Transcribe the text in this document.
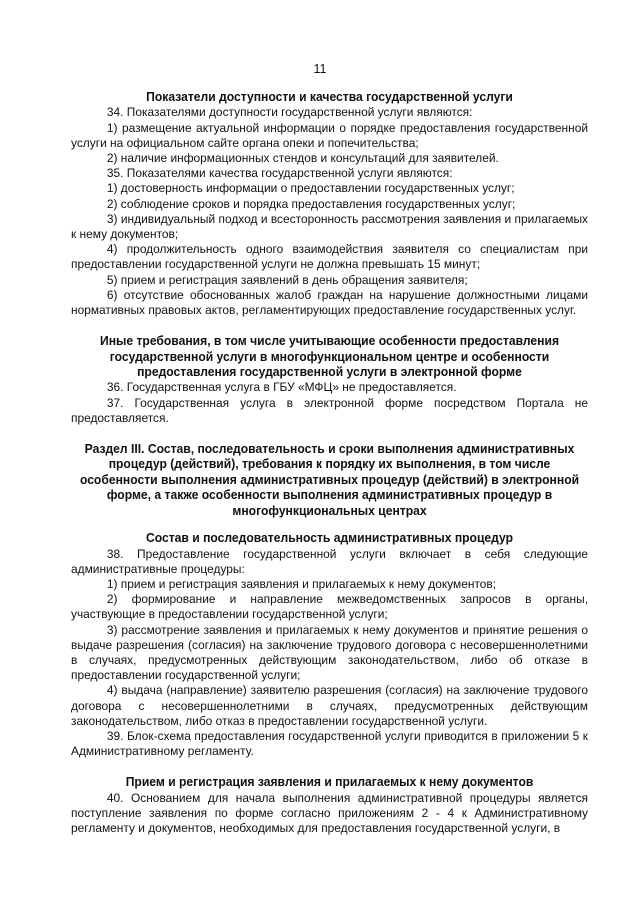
11
Показатели доступности и качества государственной услуги

34. Показателями доступности государственной услуги являются:

1) размещение актуальной информации о порядке предоставления государственной услуги на официальном сайте органа опеки и попечительства;

2) наличие информационных стендов и консультаций для заявителей.

35. Показателями качества государственной услуги являются:

1) достоверность информации о предоставлении государственных услуг;

2) соблюдение сроков и порядка предоставления государственных услуг;

3) индивидуальный подход и всесторонность рассмотрения заявления и прилагаемых к нему документов;

4) продолжительность одного взаимодействия заявителя со специалистам при предоставлении государственной услуги не должна превышать 15 минут;

5) прием и регистрация заявлений в день обращения заявителя;

6) отсутствие обоснованных жалоб граждан на нарушение должностными лицами нормативных правовых актов, регламентирующих предоставление государственных услуг.

Иные требования, в том числе учитывающие особенности предоставления государственной услуги в многофункциональном центре и особенности предоставления государственной услуги в электронной форме

36. Государственная услуга в ГБУ «МФЦ» не предоставляется.

37. Государственная услуга в электронной форме посредством Портала не предоставляется.

Раздел III. Состав, последовательность и сроки выполнения административных процедур (действий), требования к порядку их выполнения, в том числе особенности выполнения административных процедур (действий) в электронной форме, а также особенности выполнения административных процедур в многофункциональных центрах
Состав и последовательность административных процедур

38. Предоставление государственной услуги включает в себя следующие административные процедуры:

1) прием и регистрация заявления и прилагаемых к нему документов;

2) формирование и направление межведомственных запросов в органы, участвующие в предоставлении государственной услуги;

3) рассмотрение заявления и прилагаемых к нему документов и принятие решения о выдаче разрешения (согласия) на заключение трудового договора с несовершеннолетними в случаях, предусмотренных действующим законодательством, либо об отказе в предоставлении государственной услуги;

4) выдача (направление) заявителю разрешения (согласия) на заключение трудового договора с несовершеннолетними в случаях, предусмотренных действующим законодательством, либо отказ в предоставлении государственной услуги.

39. Блок-схема предоставления государственной услуги приводится в приложении 5 к Административному регламенту.

Прием и регистрация заявления и прилагаемых к нему документов

40. Основанием для начала выполнения административной процедуры является поступление заявления по форме согласно приложениям 2 - 4 к Административному регламенту и документов, необходимых для предоставления государственной услуги, в
